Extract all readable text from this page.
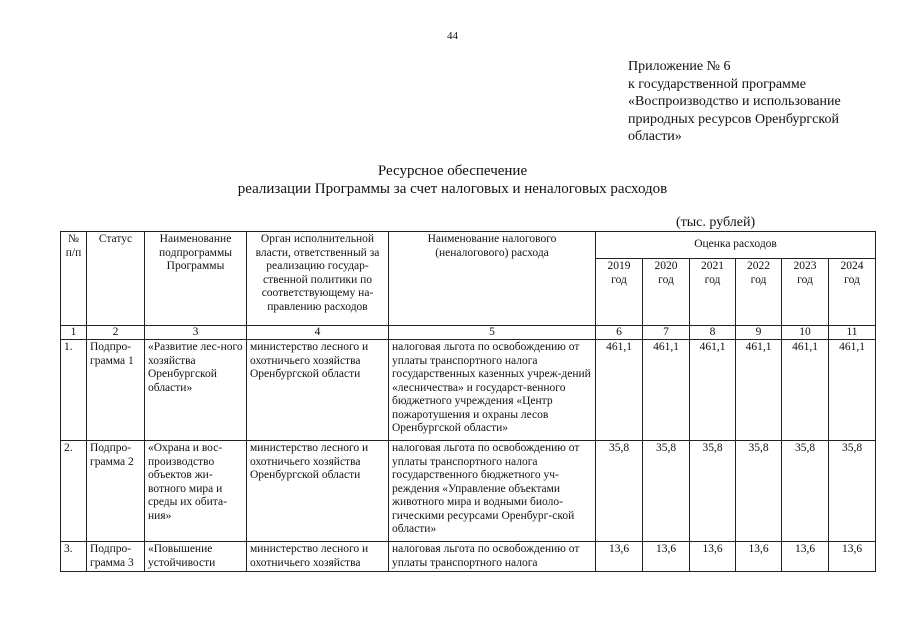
44
Приложение № 6
к государственной программе
«Воспроизводство и использование
природных ресурсов Оренбургской
области»
Ресурсное обеспечение
реализации Программы за счет налоговых и неналоговых расходов
(тыс. рублей)
№ п/п	Статус	Наименование подпрограммы Программы	Орган исполнительной власти, ответственный за реализацию государ-ственной политики по соответствующему на-правлению расходов	Наименование налогового (неналогового) расхода	Оценка расходов					
					2019 год	2020 год	2021 год	2022 год	2023 год	2024 год
1	2	3	4	5	6	7	8	9	10	11
1.	Подпро-грамма 1	«Развитие лес-ного хозяйства Оренбургской области»	министерство лесного и охотничьего хозяйства Оренбургской области	налоговая льгота по освобождению от уплаты транспортного налога государственных казенных учреж-дений «лесничества» и государст-венного бюджетного учреждения «Центр пожаротушения и охраны лесов Оренбургской области»	461,1	461,1	461,1	461,1	461,1	461,1
2.	Подпро-грамма 2	«Охрана и вос-производство объектов жи-вотного мира и среды их обита-ния»	министерство лесного и охотничьего хозяйства Оренбургской области	налоговая льгота по освобождению от уплаты транспортного налога государственного бюджетного уч-реждения «Управление объектами животного мира и водными биоло-гическими ресурсами Оренбург-ской области»	35,8	35,8	35,8	35,8	35,8	35,8
3.	Подпро-грамма 3	«Повышение устойчивости	министерство лесного и охотничьего хозяйства	налоговая льгота по освобождению от уплаты транспортного налога	13,6	13,6	13,6	13,6	13,6	13,6
